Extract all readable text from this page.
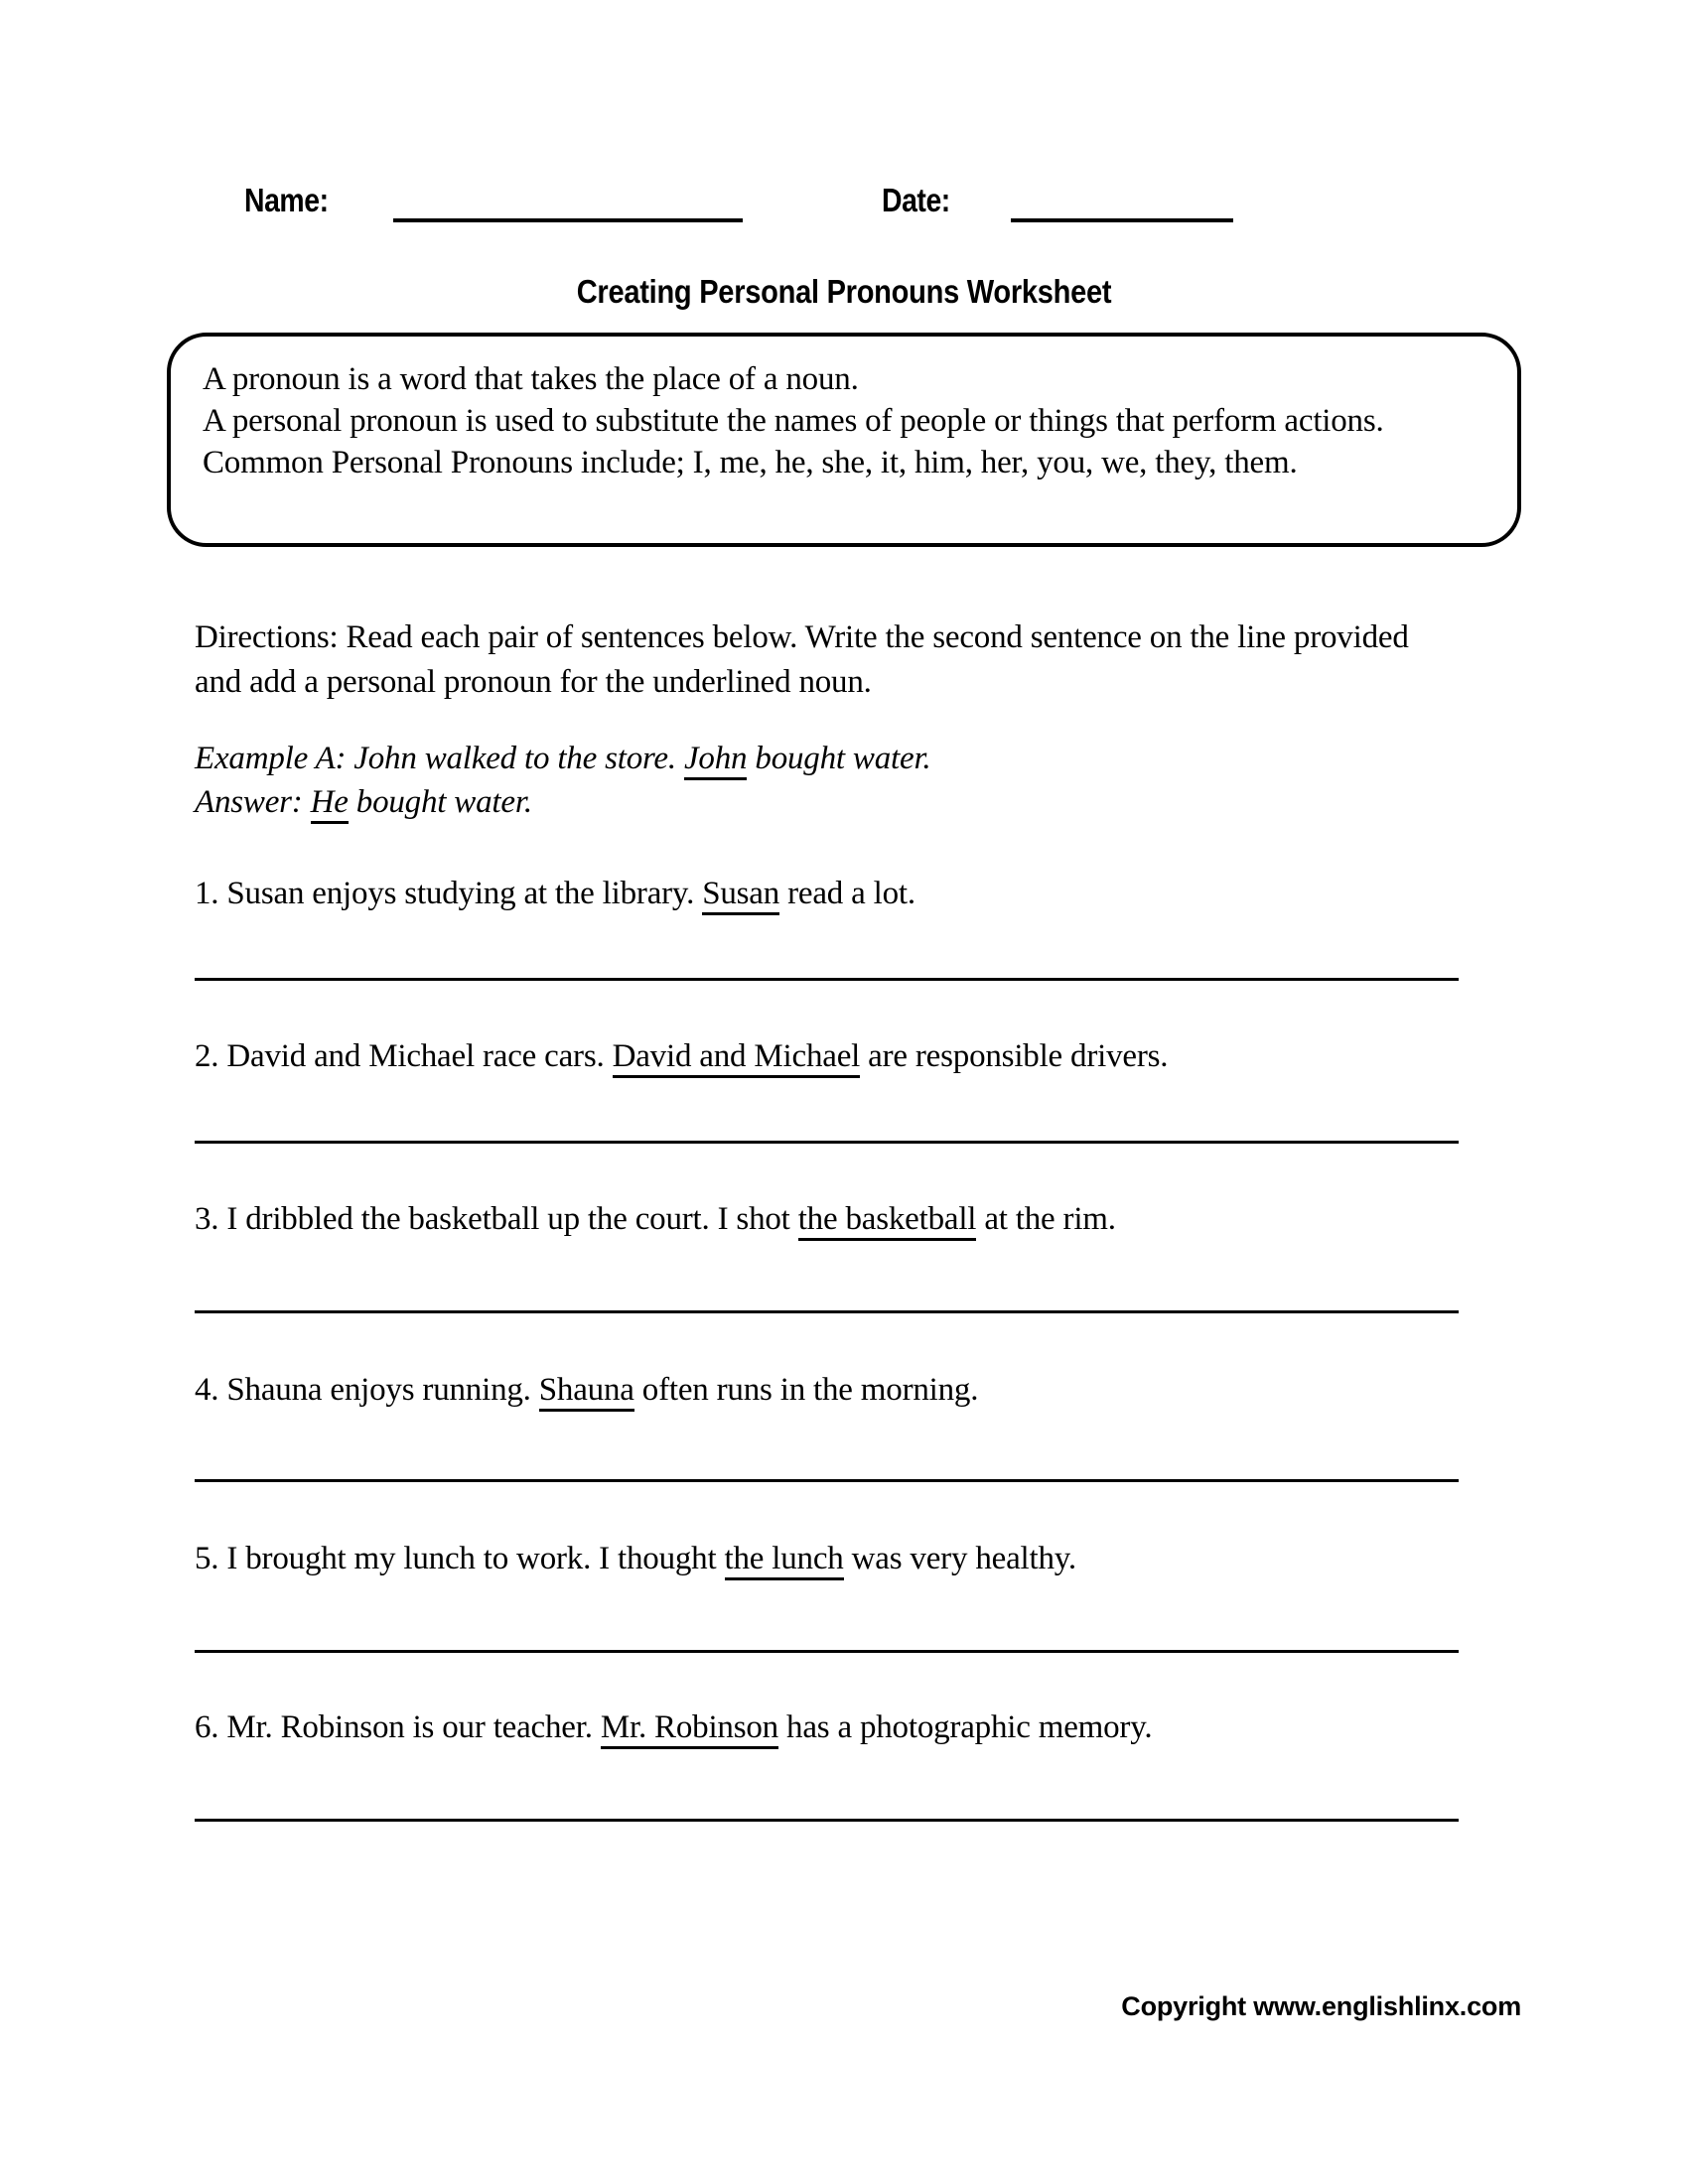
Name:	Date:
Creating Personal Pronouns Worksheet
A pronoun is a word that takes the place of a noun.
A personal pronoun is used to substitute the names of people or things that perform actions.
Common Personal Pronouns include; I, me, he, she, it, him, her, you, we, they, them.
Directions: Read each pair of sentences below. Write the second sentence on the line provided and add a personal pronoun for the underlined noun.
Example A: John walked to the store. John bought water.
Answer: He bought water.
1. Susan enjoys studying at the library. Susan read a lot.
2. David and Michael race cars. David and Michael are responsible drivers.
3. I dribbled the basketball up the court. I shot the basketball at the rim.
4. Shauna enjoys running. Shauna often runs in the morning.
5. I brought my lunch to work. I thought the lunch was very healthy.
6. Mr. Robinson is our teacher. Mr. Robinson has a photographic memory.
Copyright www.englishlinx.com
